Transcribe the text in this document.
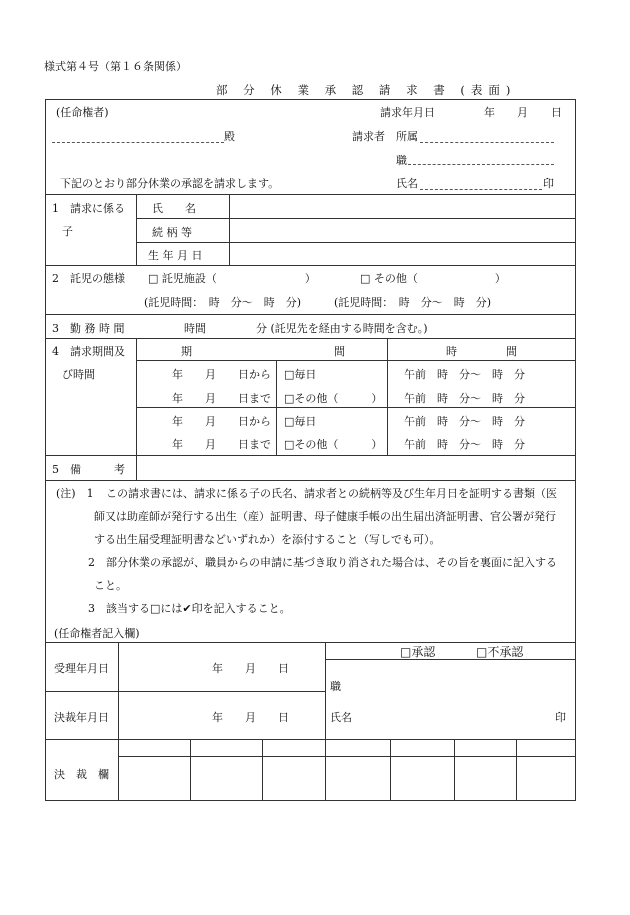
様式第４号（第１６条関係）
部 分 休 業 承 認 請 求 書 (表面)
(任命権者)	請求年月日	年 月 日
殿	請求者 所属
職
下記のとおり部分休業の承認を請求します。	氏名	印
1　請求に係る
子
氏　　名
続 柄 等
生 年 月 日
2　託児の態様 □ 託児施設（　　　　　　　　）	□ その他（　　　　　　　）
(託児時間：　時　分〜　時　分)	(託児時間：　時　分〜　時　分)
3　勤 務 時 間	時間	分 (託児先を経由する時間を含む。)
4　請求期間及
び時間
期	間	時	間
年　　月　　日から □毎日	午前　時　分〜　時　分
年　　月　　日まで □その他（　　　） 午前　時　分〜　時　分
年　　月　　日から □毎日	午前　時　分〜　時　分
年　　月　　日まで □その他（　　　） 午前　時　分〜　時　分
5　備　　　考
(注)　1 この請求書には、請求に係る子の氏名、請求者との続柄等及び生年月日を証明する書類（医
師又は助産師が発行する出生（産）証明書、母子健康手帳の出生届出済証明書、官公署が発行
する出生届受理証明書などいずれか）を添付すること（写しでも可）。
2 部分休業の承認が、職員からの申請に基づき取り消された場合は、その旨を裏面に記入する
こと。
3 該当する□には✔印を記入すること。
(任命権者記入欄)
受理年月日	年　　月　　日
決裁年月日	年　　月　　日
□承認	□不承認
職
氏名	印
決　裁　欄
